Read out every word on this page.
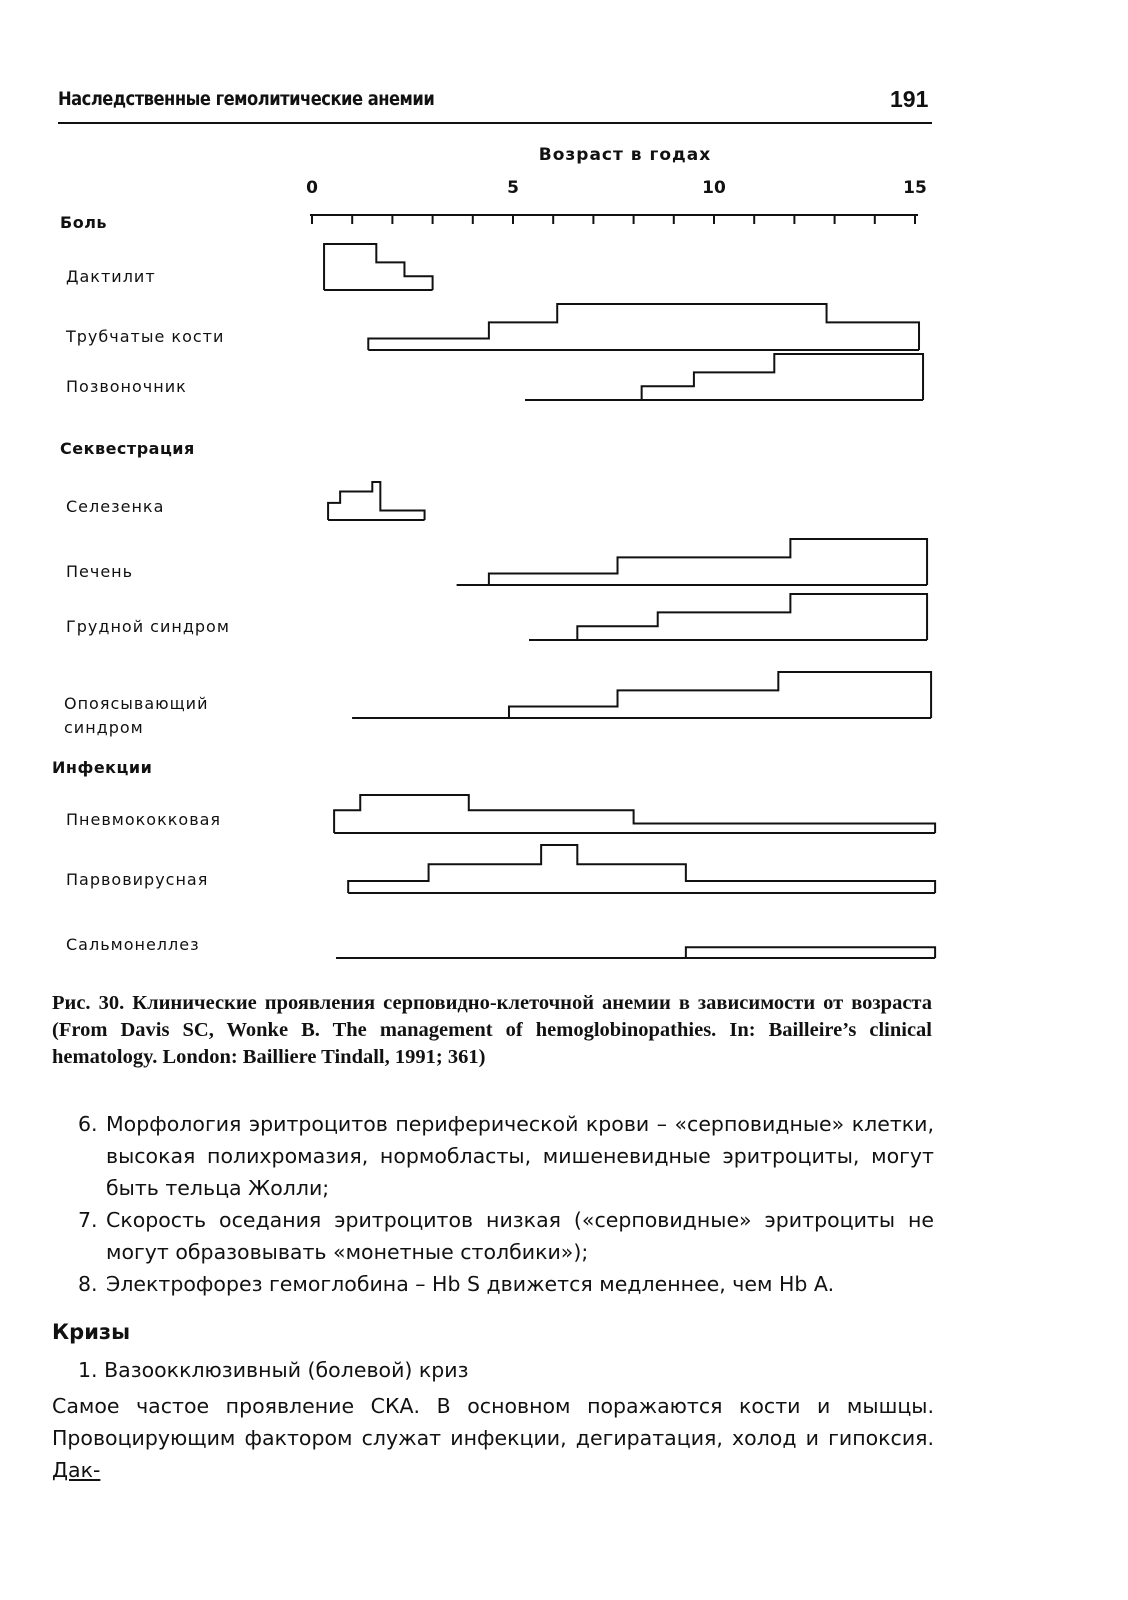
Наследственные гемолитические анемии	191
Возраст в годах
0	5	10	15
Боль
Дактилит
Трубчатые кости
Позвоночник
Секвестрация
Селезенка
Печень
Грудной синдром
Опоясывающий
синдром
Инфекции
Пневмококковая
Парвовирусная
Сальмонеллез

Рис. 30. Клинические проявления серповидно-клеточной анемии в зависимости от возраста (From Davis SC, Wonke B. The management of hemoglobinopathies. In: Bailleire’s clinical hematology. London: Bailliere Tindall, 1991; 361)

6. Морфология эритроцитов периферической крови – «серповидные» клетки, высокая полихромазия, нормобласты, мишеневидные эритроциты, могут быть тельца Жолли;
7. Скорость оседания эритроцитов низкая («серповидные» эритроциты не могут образовывать «монетные столбики»);
8. Электрофорез гемоглобина – Hb S движется медленнее, чем Hb A.
Кризы

1. Вазоокклюзивный (болевой) криз

Самое частое проявление СКА. В основном поражаются кости и мышцы. Провоцирующим фактором служат инфекции, дегиратация, холод и гипоксия. Дак-
